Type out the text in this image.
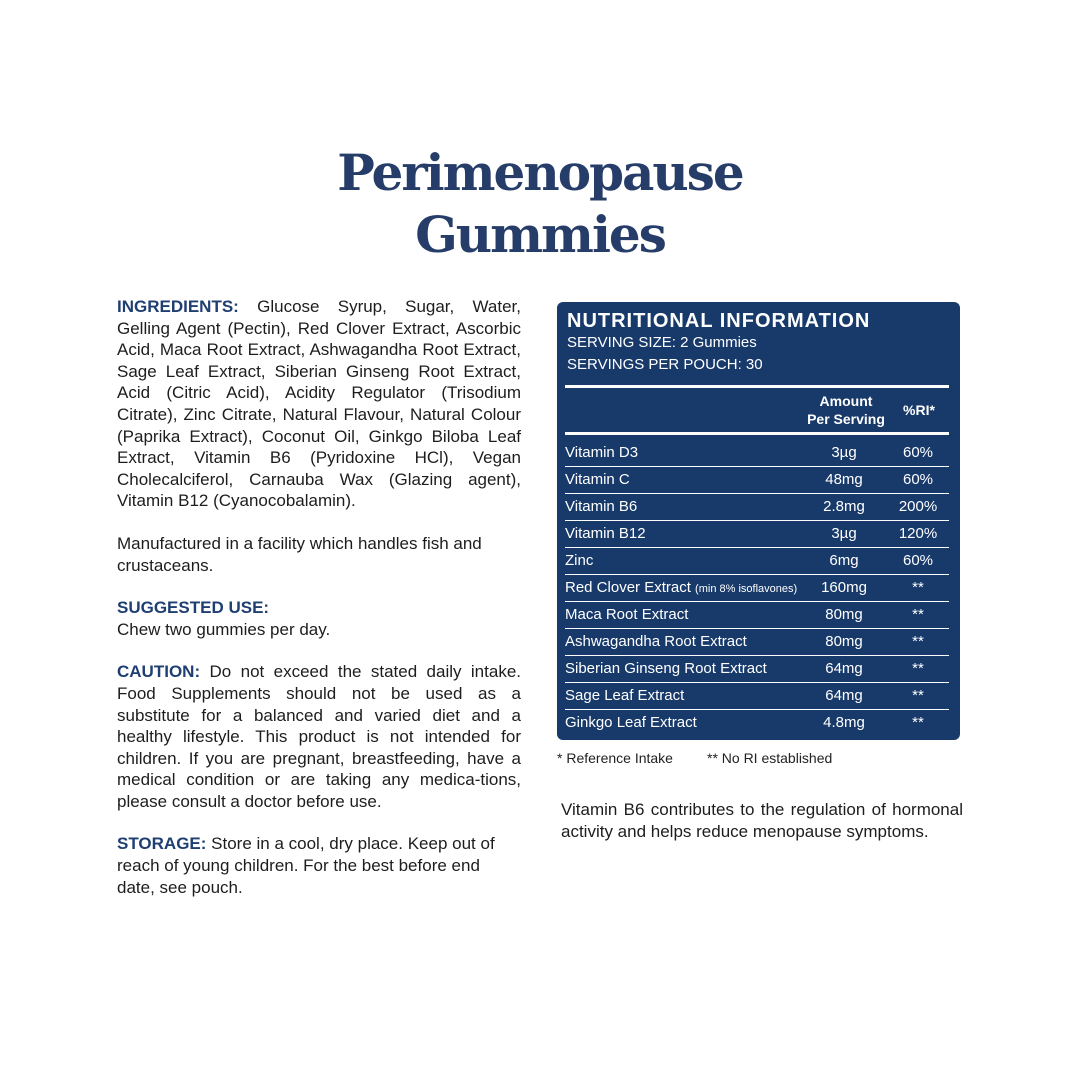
Perimenopause
Gummies

INGREDIENTS: Glucose Syrup, Sugar, Water, Gelling Agent (Pectin), Red Clover Extract, Ascorbic Acid, Maca Root Extract, Ashwagandha Root Extract, Sage Leaf Extract, Siberian Ginseng Root Extract, Acid (Citric Acid), Acidity Regulator (Trisodium Citrate), Zinc Citrate, Natural Flavour, Natural Colour (Paprika Extract), Coconut Oil, Ginkgo Biloba Leaf Extract, Vitamin B6 (Pyridoxine HCl), Vegan Cholecalciferol, Carnauba Wax (Glazing agent), Vitamin B12 (Cyanocobalamin).

Manufactured in a facility which handles fish and crustaceans.

SUGGESTED USE:
Chew two gummies per day.

CAUTION: Do not exceed the stated daily intake. Food Supplements should not be used as a substitute for a balanced and varied diet and a healthy lifestyle. This product is not intended for children. If you are pregnant, breastfeeding, have a medical condition or are taking any medica-tions, please consult a doctor before use.

STORAGE: Store in a cool, dry place. Keep out of reach of young children. For the best before end date, see pouch.

NUTRITIONAL INFORMATION
SERVING SIZE: 2 Gummies
SERVINGS PER POUCH: 30
Amount
Per Serving
%RI*
Vitamin D3	3µg	60%
Vitamin C	48mg	60%
Vitamin B6	2.8mg	200%
Vitamin B12	3µg	120%
Zinc	6mg	60%
Red Clover Extract (min 8% isoflavones)	160mg	**
Maca Root Extract	80mg	**
Ashwagandha Root Extract	80mg	**
Siberian Ginseng Root Extract	64mg	**
Sage Leaf Extract	64mg	**
Ginkgo Leaf Extract	4.8mg	**
* Reference Intake ** No RI established
Vitamin B6 contributes to the regulation of hormonal activity and helps reduce menopause symptoms.
